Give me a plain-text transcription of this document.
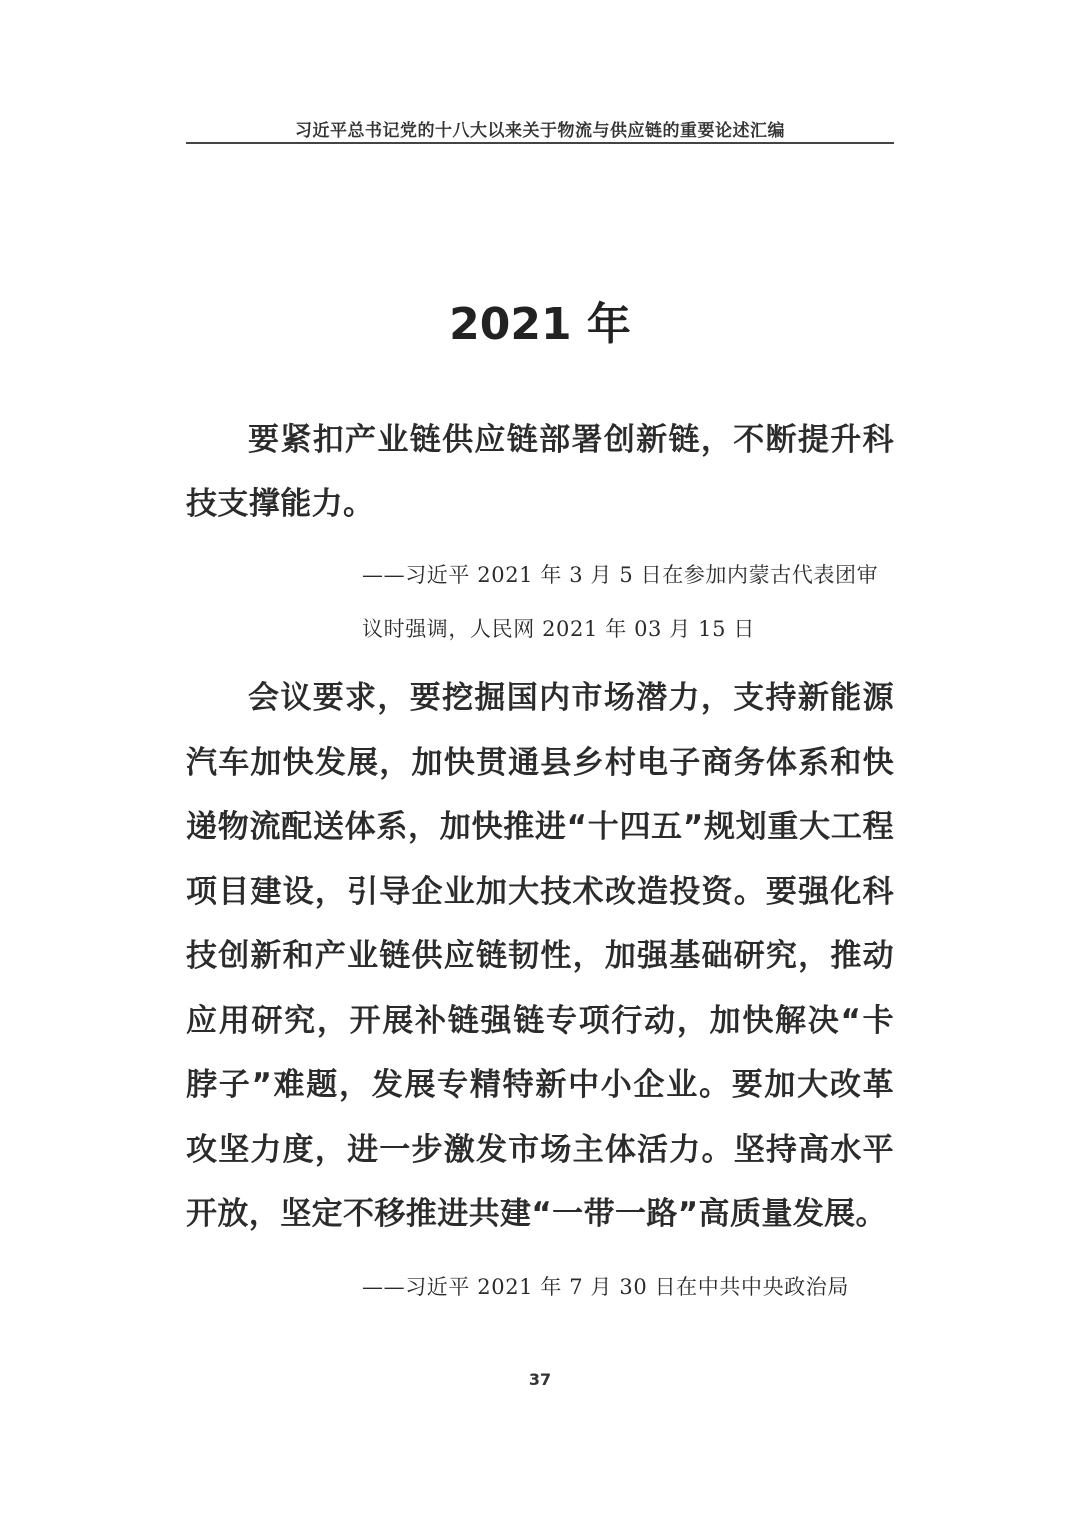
习近平总书记党的十八大以来关于物流与供应链的重要论述汇编
2021 年

要紧扣产业链供应链部署创新链，不断提升科技支撑能力。

——习近平 2021 年 3 月 5 日在参加内蒙古代表团审议时强调，人民网 2021 年 03 月 15 日

会议要求，要挖掘国内市场潜力，支持新能源汽车加快发展，加快贯通县乡村电子商务体系和快递物流配送体系，加快推进“十四五”规划重大工程项目建设，引导企业加大技术改造投资。要强化科技创新和产业链供应链韧性，加强基础研究，推动应用研究，开展补链强链专项行动，加快解决“卡脖子”难题，发展专精特新中小企业。要加大改革攻坚力度，进一步激发市场主体活力。坚持高水平开放，坚定不移推进共建“一带一路”高质量发展。

——习近平 2021 年 7 月 30 日在中共中央政治局

37
